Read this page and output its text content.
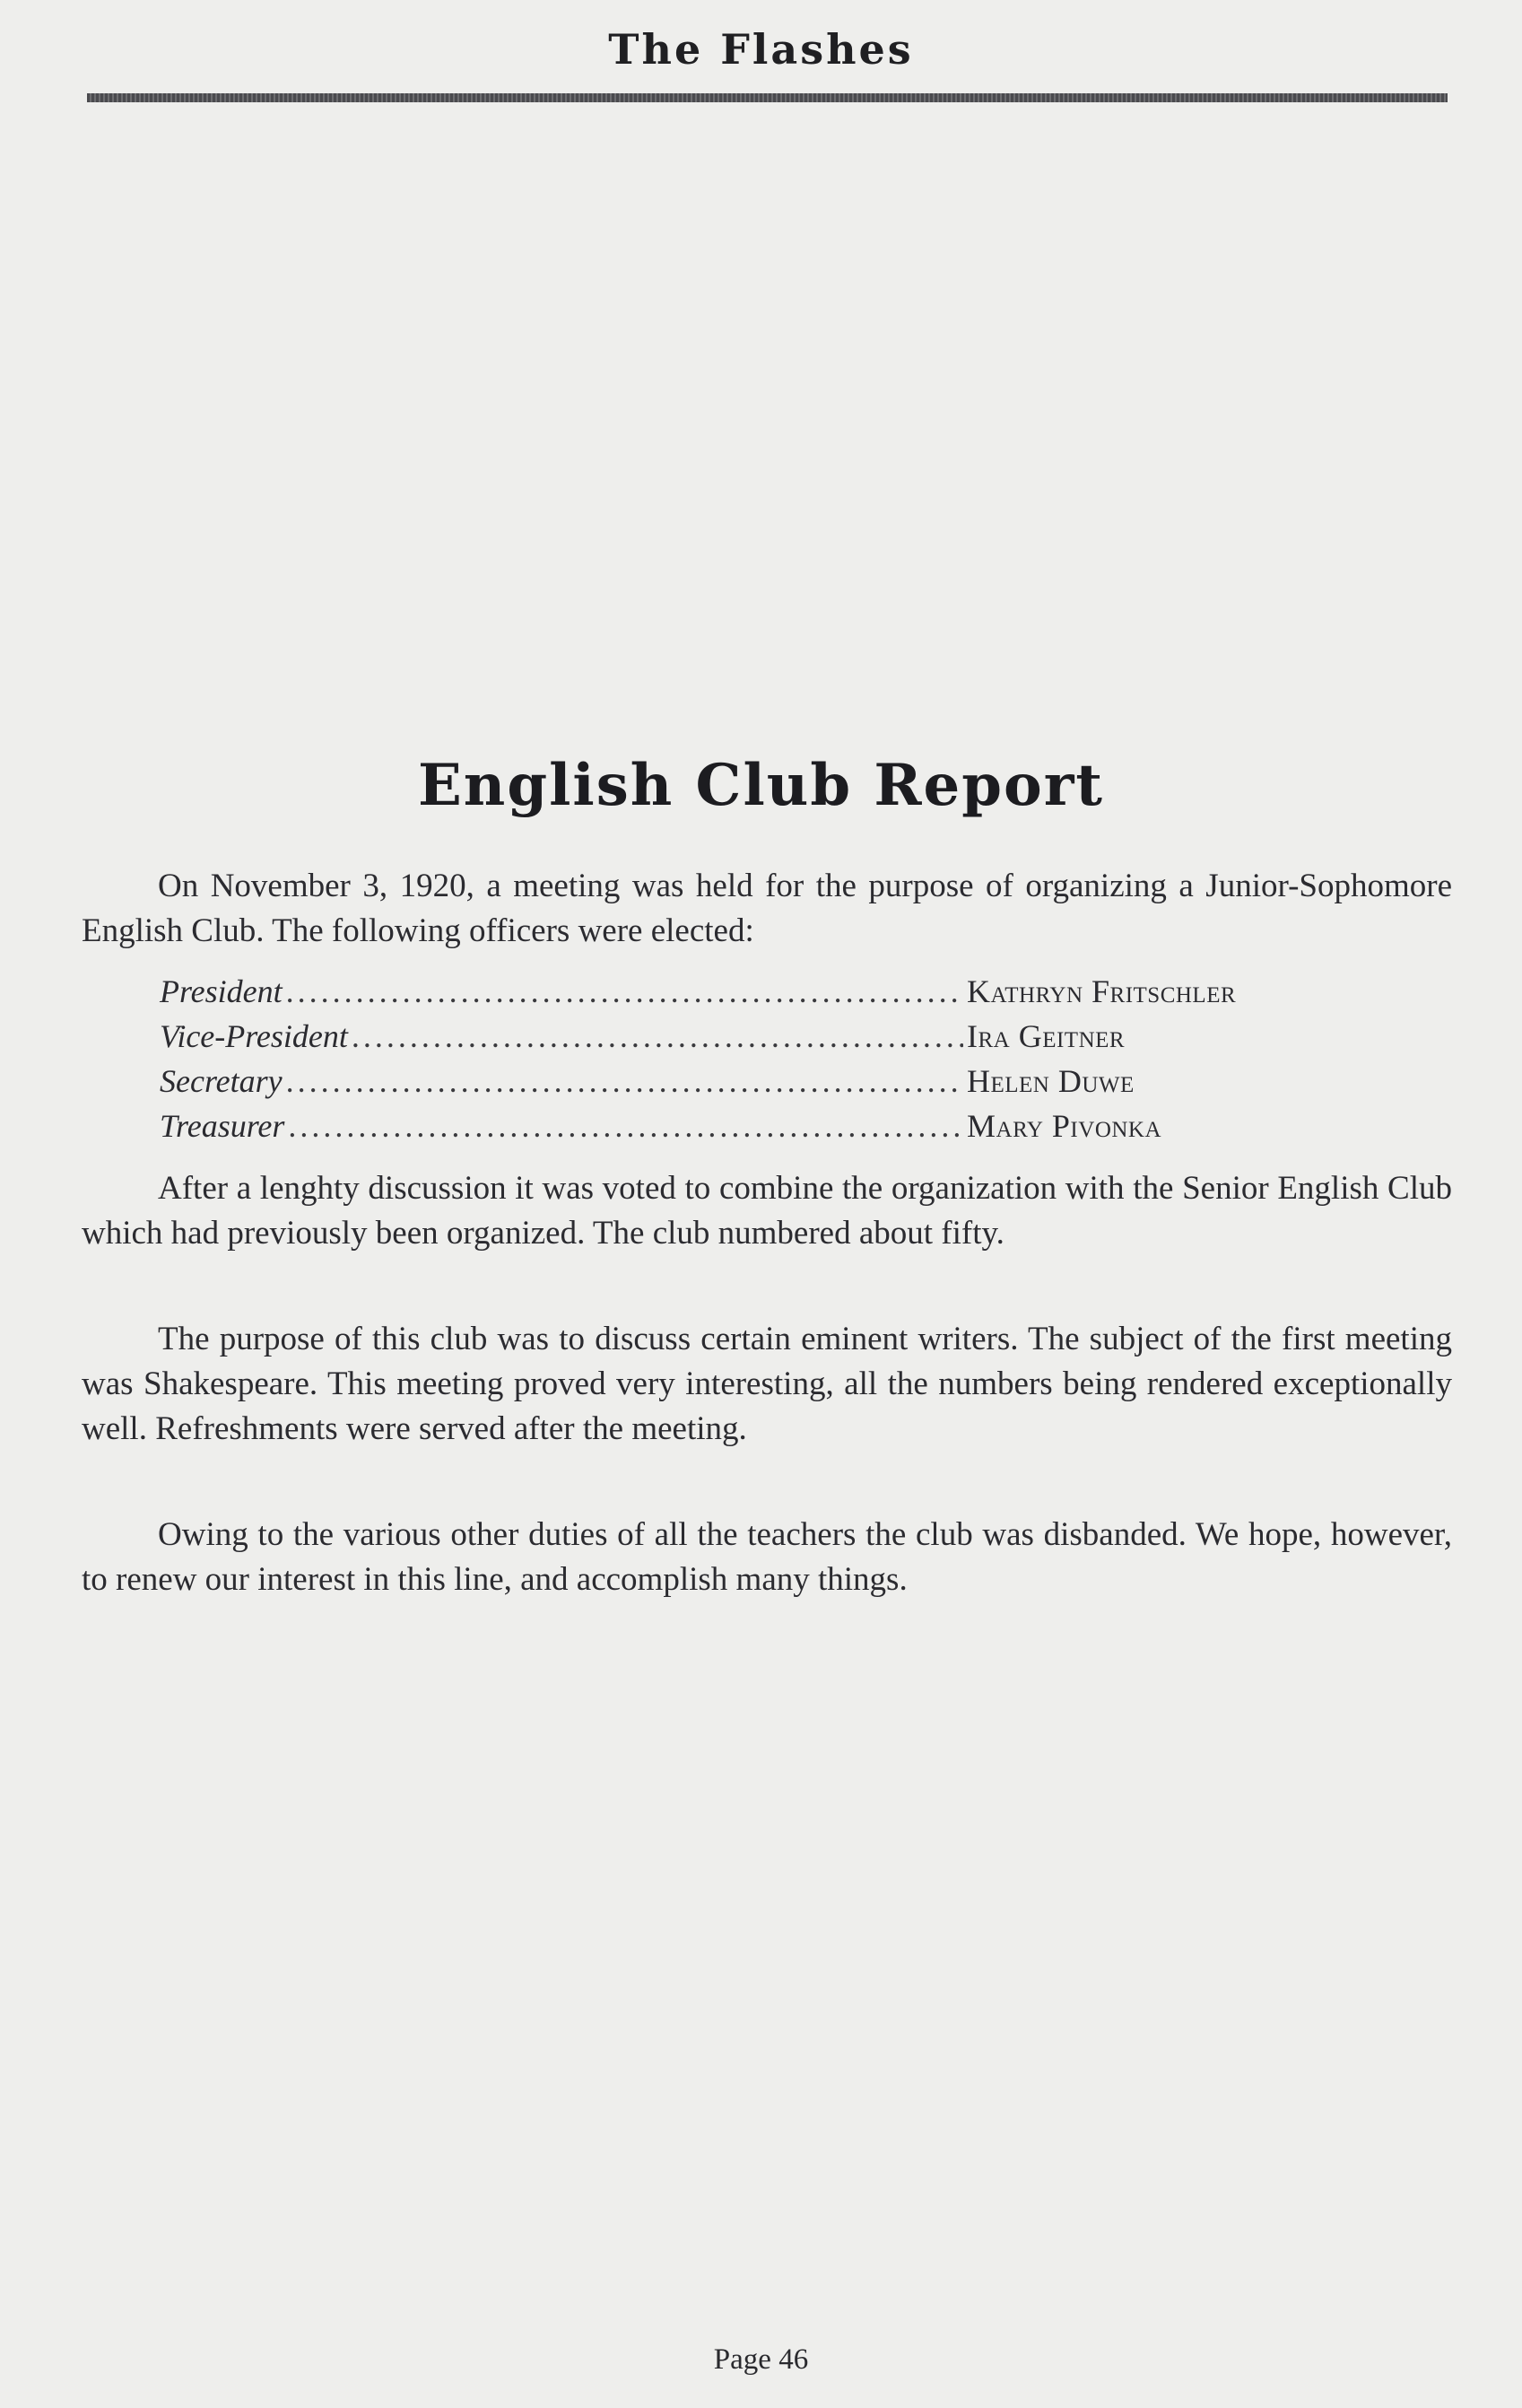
The Flashes
English Club Report

On November 3, 1920, a meeting was held for the purpose of organizing a Junior-Sophomore English Club. The following officers were elected:

President .....	Kathryn Fritschler
Vice-President .....	Ira Geitner
Secretary .....	Helen Duwe
Treasurer .....	Mary Pivonka

After a lenghty discussion it was voted to combine the organization with the Senior English Club which had previously been organized. The club numbered about fifty.

The purpose of this club was to discuss certain eminent writers. The subject of the first meeting was Shakespeare. This meeting proved very interesting, all the numbers being rendered exceptionally well. Refreshments were served after the meeting.

Owing to the various other duties of all the teachers the club was disbanded. We hope, however, to renew our interest in this line, and accomplish many things.

Page 46
